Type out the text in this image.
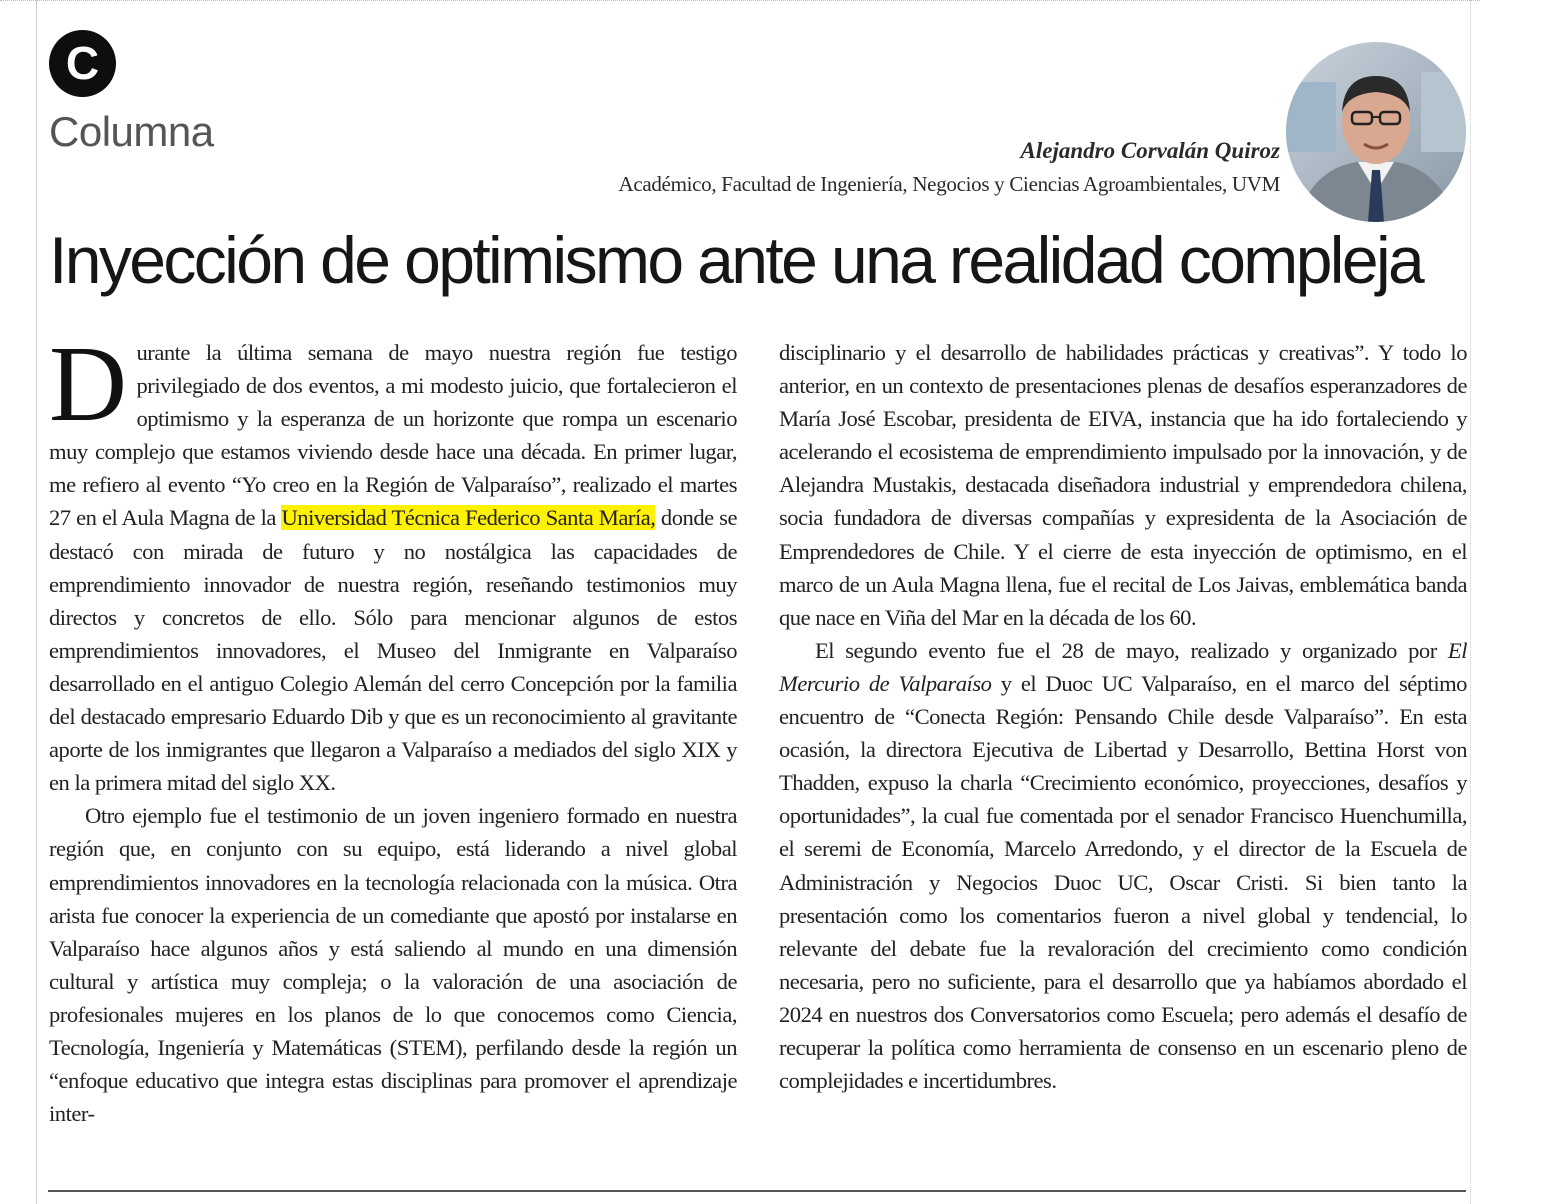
C
Columna	Alejandro Corvalán Quiroz
Académico, Facultad de Ingeniería, Negocios y Ciencias Agroambientales, UVM
Inyección de optimismo ante una realidad compleja

Durante la última semana de mayo nuestra región fue testigo privilegiado de dos eventos, a mi modesto juicio, que fortalecieron el optimismo y la esperanza de un horizonte que rompa un escenario muy complejo que estamos viviendo desde hace una década. En primer lugar, me refiero al evento “Yo creo en la Región de Valparaíso”, realizado el martes 27 en el Aula Magna de la Universidad Técnica Federico Santa María, donde se destacó con mirada de futuro y no nostálgica las capacidades de emprendimiento innovador de nuestra región, reseñando testimonios muy directos y concretos de ello. Sólo para mencionar algunos de estos emprendimientos innovadores, el Museo del Inmigrante en Valparaíso desarrollado en el antiguo Colegio Alemán del cerro Concepción por la familia del destacado empresario Eduardo Dib y que es un reconocimiento al gravitante aporte de los inmigrantes que llegaron a Valparaíso a mediados del siglo XIX y en la primera mitad del siglo XX.

Otro ejemplo fue el testimonio de un joven ingeniero formado en nuestra región que, en conjunto con su equipo, está liderando a nivel global emprendimientos innovadores en la tecnología relacionada con la música. Otra arista fue conocer la experiencia de un comediante que apostó por instalarse en Valparaíso hace algunos años y está saliendo al mundo en una dimensión cultural y artística muy compleja; o la valoración de una asociación de profesionales mujeres en los planos de lo que conocemos como Ciencia, Tecnología, Ingeniería y Matemáticas (STEM), perfilando desde la región un “enfoque educativo que integra estas disciplinas para promover el aprendizaje inter-

disciplinario y el desarrollo de habilidades prácticas y creativas”. Y todo lo anterior, en un contexto de presentaciones plenas de desafíos esperanzadores de María José Escobar, presidenta de EIVA, instancia que ha ido fortaleciendo y acelerando el ecosistema de emprendimiento impulsado por la innovación, y de Alejandra Mustakis, destacada diseñadora industrial y emprendedora chilena, socia fundadora de diversas compañías y expresidenta de la Asociación de Emprendedores de Chile. Y el cierre de esta inyección de optimismo, en el marco de un Aula Magna llena, fue el recital de Los Jaivas, emblemática banda que nace en Viña del Mar en la década de los 60.

El segundo evento fue el 28 de mayo, realizado y organizado por El Mercurio de Valparaíso y el Duoc UC Valparaíso, en el marco del séptimo encuentro de “Conecta Región: Pensando Chile desde Valparaíso”. En esta ocasión, la directora Ejecutiva de Libertad y Desarrollo, Bettina Horst von Thadden, expuso la charla “Crecimiento económico, proyecciones, desafíos y oportunidades”, la cual fue comentada por el senador Francisco Huenchumilla, el seremi de Economía, Marcelo Arredondo, y el director de la Escuela de Administración y Negocios Duoc UC, Oscar Cristi. Si bien tanto la presentación como los comentarios fueron a nivel global y tendencial, lo relevante del debate fue la revaloración del crecimiento como condición necesaria, pero no suficiente, para el desarrollo que ya habíamos abordado el 2024 en nuestros dos Conversatorios como Escuela; pero además el desafío de recuperar la política como herramienta de consenso en un escenario pleno de complejidades e incertidumbres.
